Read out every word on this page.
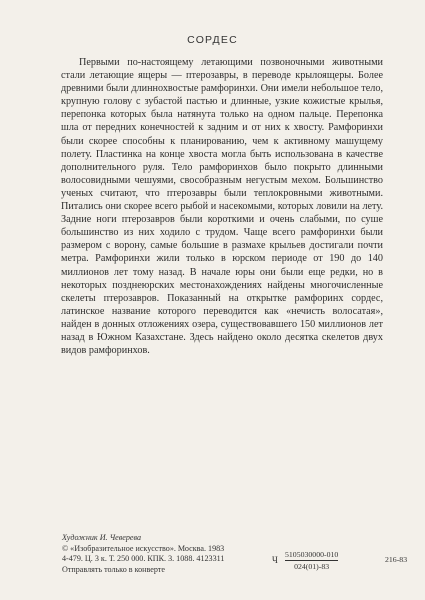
СОРДЕС

Первыми по-настоящему летающими позвоночными животными стали летающие ящеры — птерозавры, в переводе крылоящеры. Более древними были длиннохвостые рамфоринхи. Они имели небольшое тело, крупную голову с зубастой пастью и длинные, узкие кожистые крылья, перепонка которых была натянута только на одном пальце. Перепонка шла от передних конечностей к задним и от них к хвосту. Рамфоринхи были скорее способны к планированию, чем к активному машущему полету. Пластинка на конце хвоста могла быть использована в качестве дополнительного руля. Тело рамфоринхов было покрыто длинными волосовидными чешуями, свособразным негустым мехом. Большинство ученых считают, что птерозавры были теплокровными животными. Питались они скорее всего рыбой и насекомыми, которых ловили на лету. Задние ноги птерозавров были короткими и очень слабыми, по суше большинство из них ходило с трудом. Чаще всего рамфоринхи были размером с ворону, самые большие в размахе крыльев достигали почти метра. Рамфоринхи жили только в юрском периоде от 190 до 140 миллионов лет тому назад. В начале юры они были еще редки, но в некоторых позднеюрских местонахождениях найдены многочисленные скелеты птерозавров. Показанный на открытке рамфоринх сордес, латинское название которого переводится как «нечисть волосатая», найден в донных отложениях озера, существовавшего 150 миллионов лет назад в Южном Казахстане. Здесь найдено около десятка скелетов двух видов рамфоринхов.

Художник И. Чеверева
© «Изобразительное искусство». Москва. 1983
4-479. Ц. 3 к. Т. 250 000. КПК. 3. 1088. 4123311
Отправлять только в конверте
Ч $\frac{5105030000-010}{024(01)-83}$	216-83
